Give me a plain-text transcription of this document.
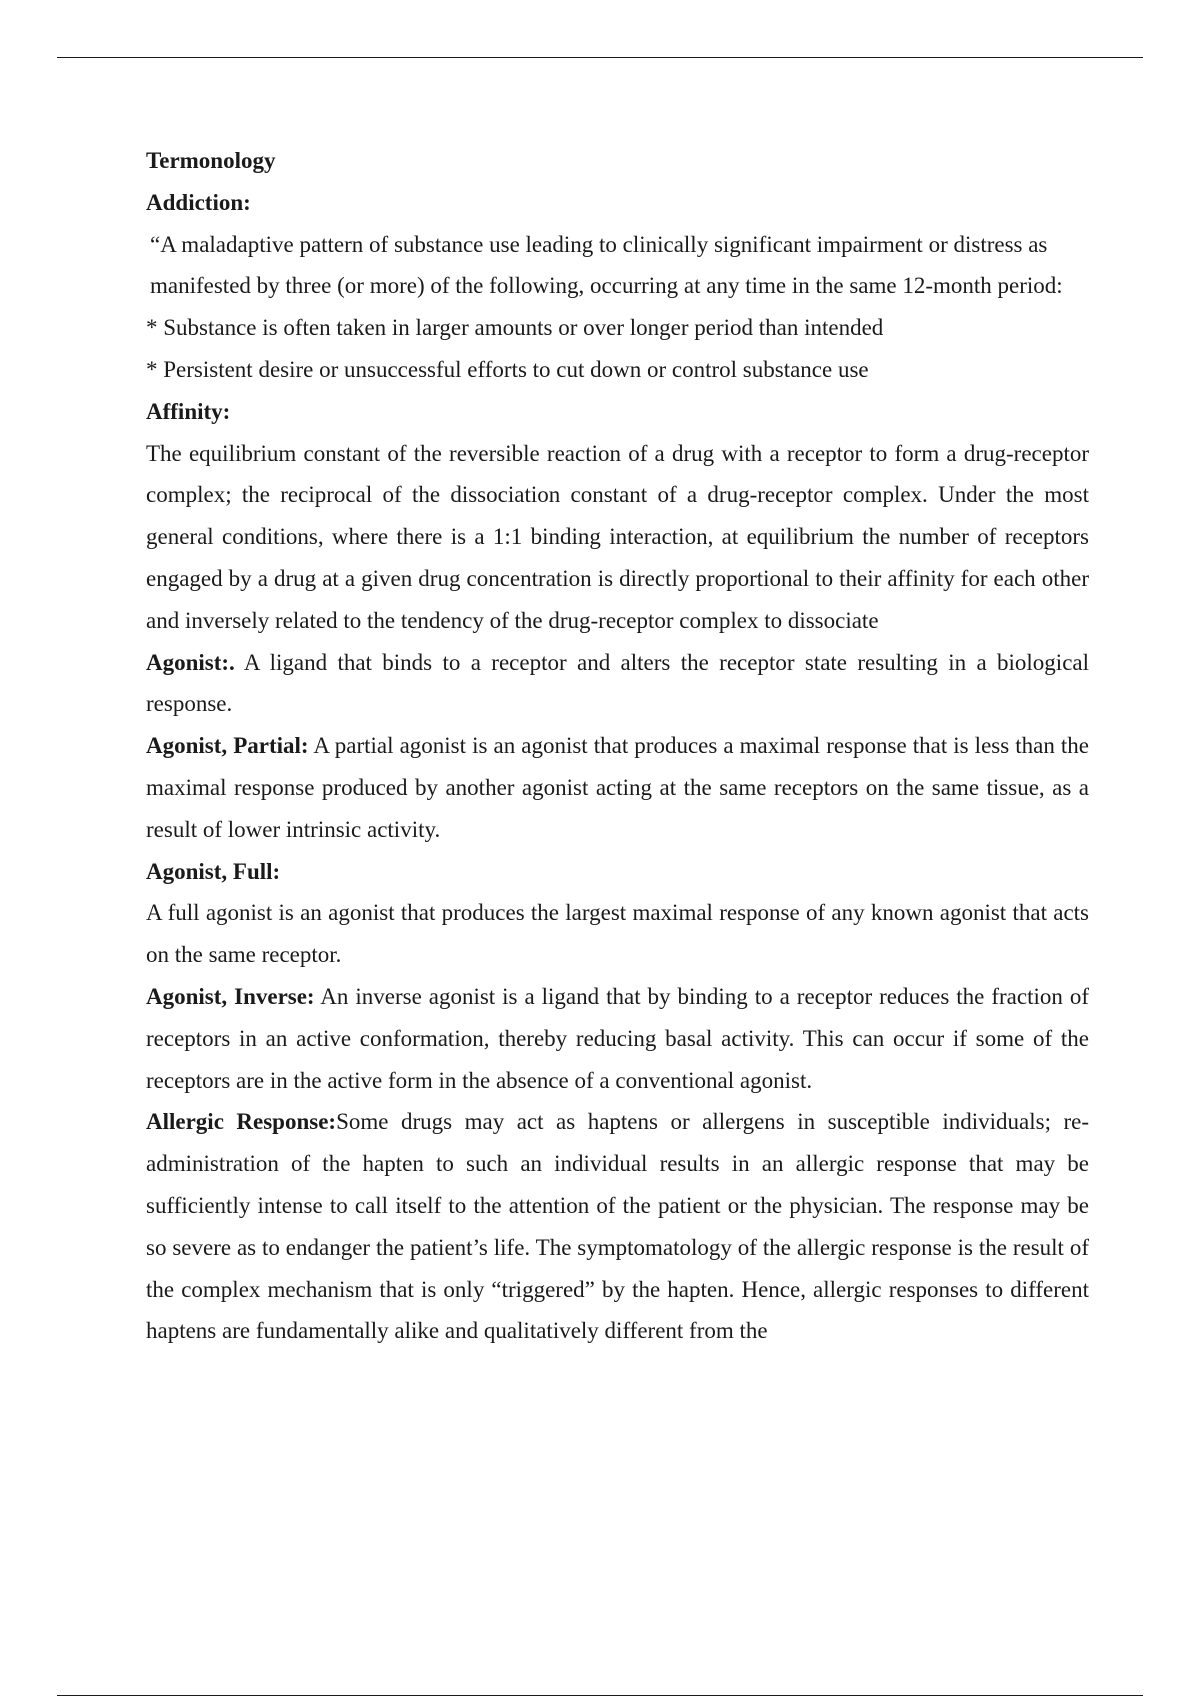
Termonology

Addiction:

“A maladaptive pattern of substance use leading to clinically significant impairment or distress as manifested by three (or more) of the following, occurring at any time in the same 12-month period:

* Substance is often taken in larger amounts or over longer period than intended

* Persistent desire or unsuccessful efforts to cut down or control substance use

Affinity:

The equilibrium constant of the reversible reaction of a drug with a receptor to form a drug-receptor complex; the reciprocal of the dissociation constant of a drug-receptor complex. Under the most general conditions, where there is a 1:1 binding interaction, at equilibrium the number of receptors engaged by a drug at a given drug concentration is directly proportional to their affinity for each other and inversely related to the tendency of the drug-receptor complex to dissociate

Agonist:. A ligand that binds to a receptor and alters the receptor state resulting in a biological response.

Agonist, Partial: A partial agonist is an agonist that produces a maximal response that is less than the maximal response produced by another agonist acting at the same receptors on the same tissue, as a result of lower intrinsic activity.

Agonist, Full:

A full agonist is an agonist that produces the largest maximal response of any known agonist that acts on the same receptor.

Agonist, Inverse: An inverse agonist is a ligand that by binding to a receptor reduces the fraction of receptors in an active conformation, thereby reducing basal activity. This can occur if some of the receptors are in the active form in the absence of a conventional agonist.

Allergic Response:Some drugs may act as haptens or allergens in susceptible individuals; re-administration of the hapten to such an individual results in an allergic response that may be sufficiently intense to call itself to the attention of the patient or the physician. The response may be so severe as to endanger the patient’s life. The symptomatology of the allergic response is the result of the complex mechanism that is only “triggered” by the hapten. Hence, allergic responses to different haptens are fundamentally alike and qualitatively different from the
